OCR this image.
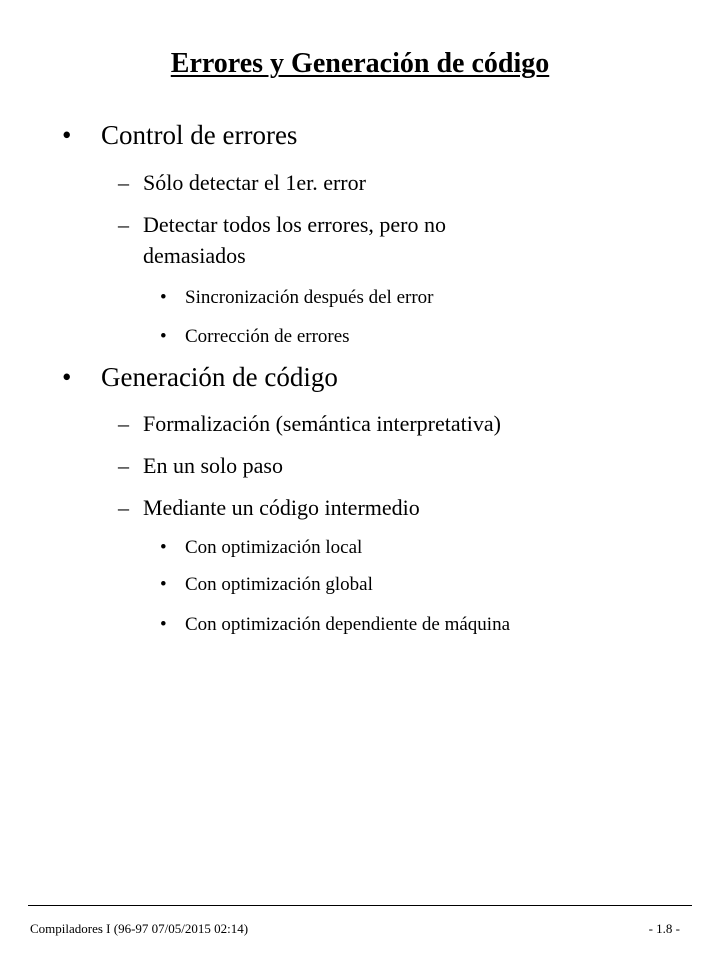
Errores y Generación de código
• Control de errores
– Sólo detectar el 1er. error
– Detectar todos los errores, pero no
demasiados
• Sincronización después del error
• Corrección de errores
• Generación de código
– Formalización (semántica interpretativa)
– En un solo paso
– Mediante un código intermedio
• Con optimización local
• Con optimización global
• Con optimización dependiente de máquina
Compiladores I (96-97 07/05/2015 02:14)	- 1.8 -
